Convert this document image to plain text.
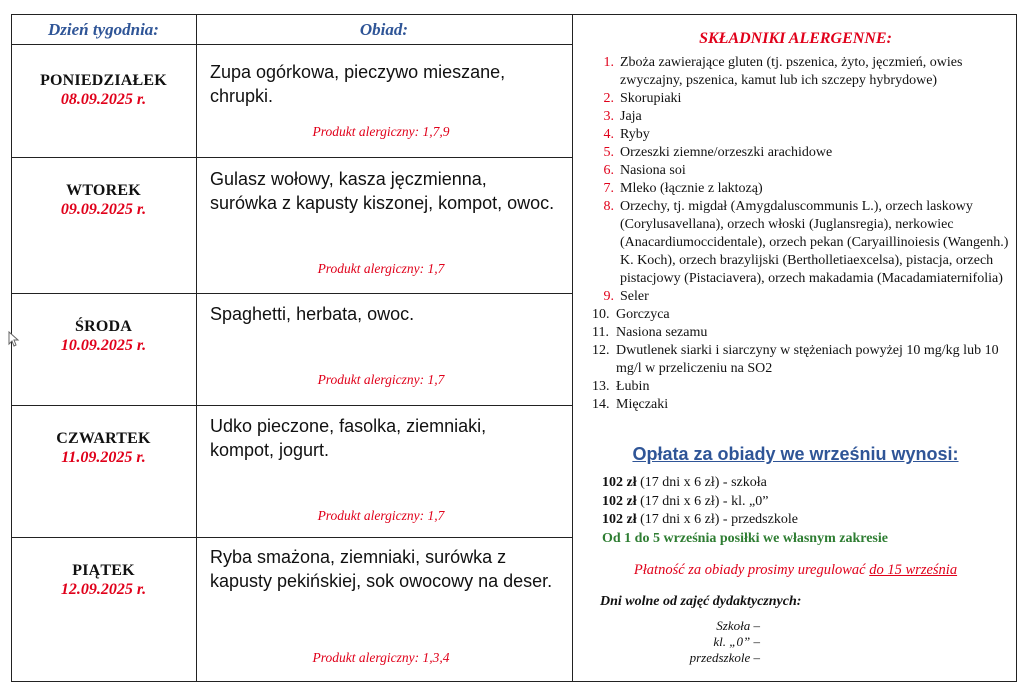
Dzień tygodnia:	Obiad:
PONIEDZIAŁEK
08.09.2025 r.
Zupa ogórkowa, pieczywo mieszane, chrupki.
Produkt alergiczny: 1,7,9
WTOREK
09.09.2025 r.
Gulasz wołowy, kasza jęczmienna, surówka z kapusty kiszonej, kompot, owoc.
Produkt alergiczny: 1,7
ŚRODA
10.09.2025 r.
Spaghetti, herbata, owoc.
Produkt alergiczny: 1,7
CZWARTEK
11.09.2025 r.
Udko pieczone, fasolka, ziemniaki, kompot, jogurt.
Produkt alergiczny: 1,7
PIĄTEK
12.09.2025 r.
Ryba smażona, ziemniaki, surówka z kapusty pekińskiej, sok owocowy na deser.
Produkt alergiczny: 1,3,4
SKŁADNIKI ALERGENNE:
1. Zboża zawierające gluten (tj. pszenica, żyto, jęczmień, owies zwyczajny, pszenica, kamut lub ich szczepy hybrydowe)
2. Skorupiaki
3. Jaja
4. Ryby
5. Orzeszki ziemne/orzeszki arachidowe
6. Nasiona soi
7. Mleko (łącznie z laktozą)
8. Orzechy, tj. migdał (Amygdaluscommunis L.), orzech laskowy (Corylusavellana), orzech włoski (Juglansregia), nerkowiec (Anacardiumoccidentale), orzech pekan (Caryaillinoiesis (Wangenh.) K. Koch), orzech brazylijski (Bertholletiaexcelsa), pistacja, orzech pistacjowy (Pistaciavera), orzech makadamia (Macadamiaternifolia)
9. Seler
10. Gorczyca
11. Nasiona sezamu
12. Dwutlenek siarki i siarczyny w stężeniach powyżej 10 mg/kg lub 10 mg/l w przeliczeniu na SO2
13. Łubin
14. Mięczaki
Opłata za obiady we wrześniu wynosi:
102 zł (17 dni x 6 zł) - szkoła
102 zł (17 dni x 6 zł) - kl. „0”
102 zł (17 dni x 6 zł) - przedszkole
Od 1 do 5 września posiłki we własnym zakresie
Płatność za obiady prosimy uregulować do 15 września
Dni wolne od zajęć dydaktycznych:
Szkoła –
kl. „0” –
przedszkole –
